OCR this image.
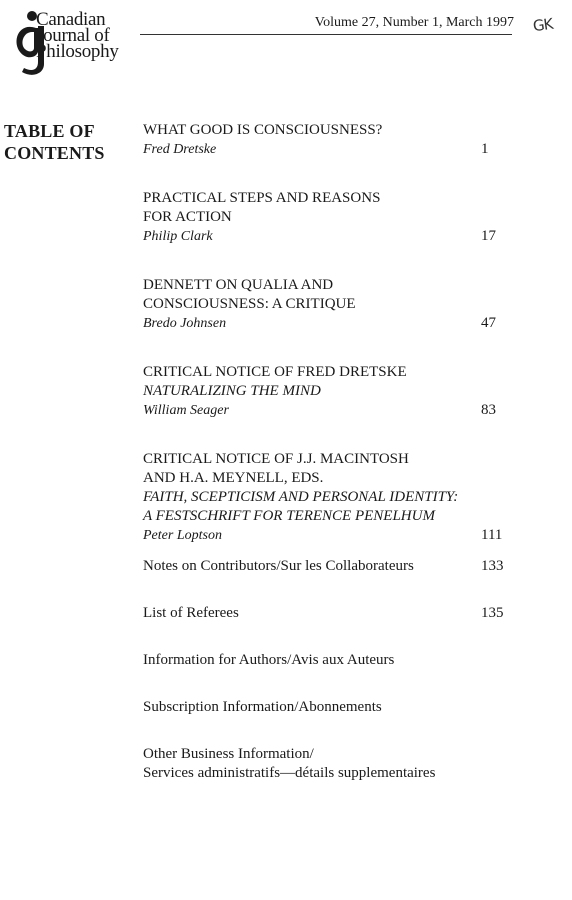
Canadian
Journal of
Philosophy
Volume 27, Number 1, March 1997 GK
TABLE OF
CONTENTS
WHAT GOOD IS CONSCIOUSNESS?
Fred Dretske	1
PRACTICAL STEPS AND REASONS
FOR ACTION
Philip Clark	17
DENNETT ON QUALIA AND
CONSCIOUSNESS: A CRITIQUE
Bredo Johnsen	47
CRITICAL NOTICE OF FRED DRETSKE
NATURALIZING THE MIND
William Seager	83
CRITICAL NOTICE OF J.J. MACINTOSH
AND H.A. MEYNELL, EDS.
FAITH, SCEPTICISM AND PERSONAL IDENTITY:
A FESTSCHRIFT FOR TERENCE PENELHUM
Peter Loptson	111
Notes on Contributors/Sur les Collaborateurs	133
List of Referees	135
Information for Authors/Avis aux Auteurs
Subscription Information/Abonnements
Other Business Information/
Services administratifs—détails supplementaires
